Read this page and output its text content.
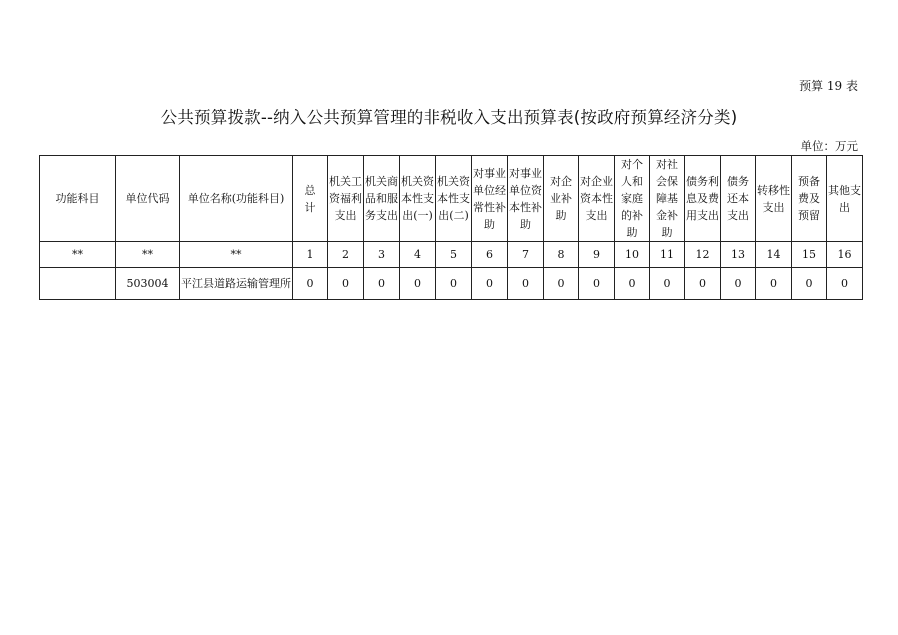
预算 19 表
公共预算拨款--纳入公共预算管理的非税收入支出预算表(按政府预算经济分类)
单位：万元
功能科目	单位代码	单位名称(功能科目)	总　计	机关工资福利支出	机关商品和服务支出	机关资本性支出(一)	机关资本性支出(二)	对事业单位经常性补助	对事业单位资本性补助	对企业补助	对企业资本性支出	对个人和家庭的补助	对社会保障基金补助	债务利息及费用支出	债务还本支出	转移性支出	预备费及预留	其他支出
**	**	**	1	2	3	4	5	6	7	8	9	10	11	12	13	14	15	16
	503004	平江县道路运输管理所	0	0	0	0	0	0	0	0	0	0	0	0	0	0	0	0
